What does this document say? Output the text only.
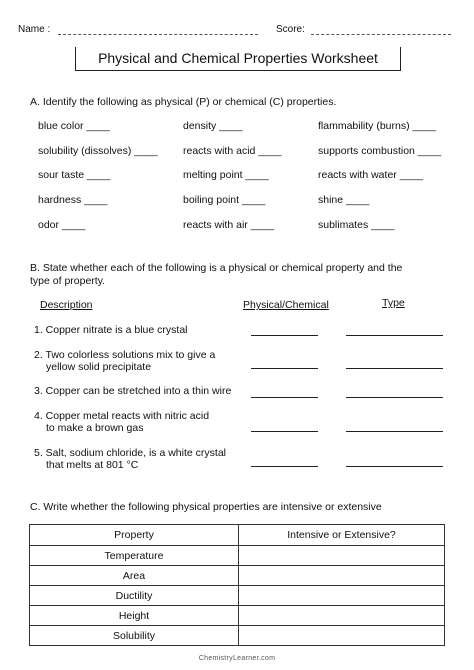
Name :	Score:
Physical and Chemical Properties Worksheet
A. Identify the following as physical (P) or chemical (C) properties.
blue color ____	density ____	flammability (burns) ____
solubility (dissolves) ____ reacts with acid ____	supports combustion ____
sour taste ____	melting point ____	reacts with water ____
hardness ____	boiling point ____	shine ____
odor ____	reacts with air ____	sublimates ____
B. State whether each of the following is a physical or chemical property and the
type of property.
Description	Physical/Chemical	Type
1. Copper nitrate is a blue crystal
2. Two colorless solutions mix to give a
yellow solid precipitate
3. Copper can be stretched into a thin wire
4. Copper metal reacts with nitric acid
to make a brown gas
5. Salt, sodium chloride, is a white crystal
that melts at 801 °C
C. Write whether the following physical properties are intensive or extensive
Property	Intensive or Extensive?
Temperature	
Area	
Ductility	
Height	
Solubility	
ChemistryLearner.com
